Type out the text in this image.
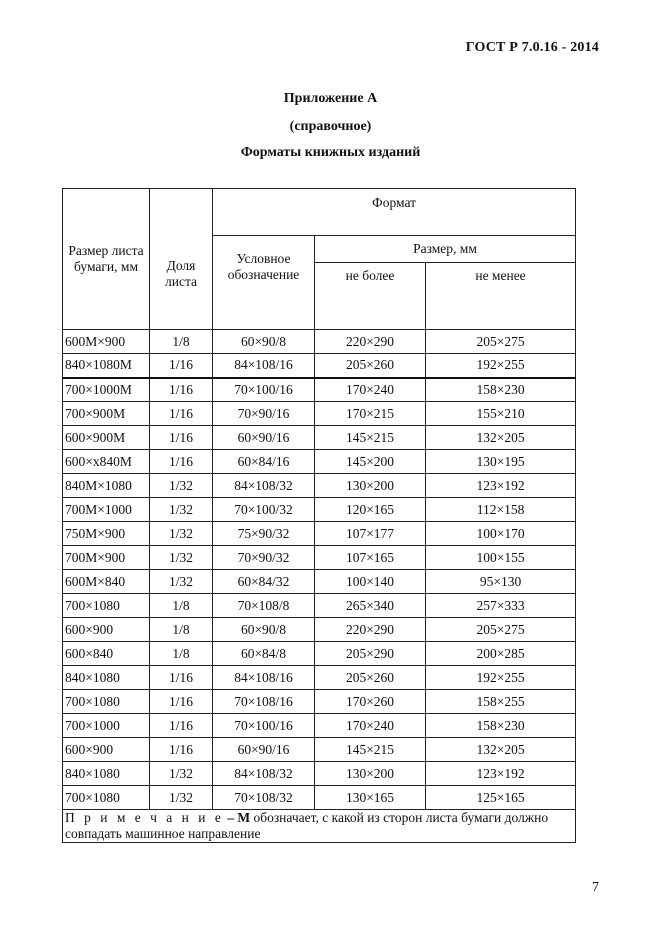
ГОСТ Р 7.0.16 - 2014
Приложение А
(справочное)
Форматы книжных изданий
Размер листа бумаги, мм	Доля листа	Формат		
		Условное обозначение	Размер, мм	
			не более	не менее
600М×900	1/8	60×90/8	220×290	205×275
840×1080М	1/16	84×108/16	205×260	192×255
700×1000М	1/16	70×100/16	170×240	158×230
700×900М	1/16	70×90/16	170×215	155×210
600×900М	1/16	60×90/16	145×215	132×205
600×х840М	1/16	60×84/16	145×200	130×195
840М×1080	1/32	84×108/32	130×200	123×192
700М×1000	1/32	70×100/32	120×165	112×158
750М×900	1/32	75×90/32	107×177	100×170
700М×900	1/32	70×90/32	107×165	100×155
600М×840	1/32	60×84/32	100×140	95×130
700×1080	1/8	70×108/8	265×340	257×333
600×900	1/8	60×90/8	220×290	205×275
600×840	1/8	60×84/8	205×290	200×285
840×1080	1/16	84×108/16	205×260	192×255
700×1080	1/16	70×108/16	170×260	158×255
700×1000	1/16	70×100/16	170×240	158×230
600×900	1/16	60×90/16	145×215	132×205
840×1080	1/32	84×108/32	130×200	123×192
700×1080	1/32	70×108/32	130×165	125×165
П р и м е ч а н и е – М обозначает, с какой из сторон листа бумаги должно совпадать машинное направление				
7
